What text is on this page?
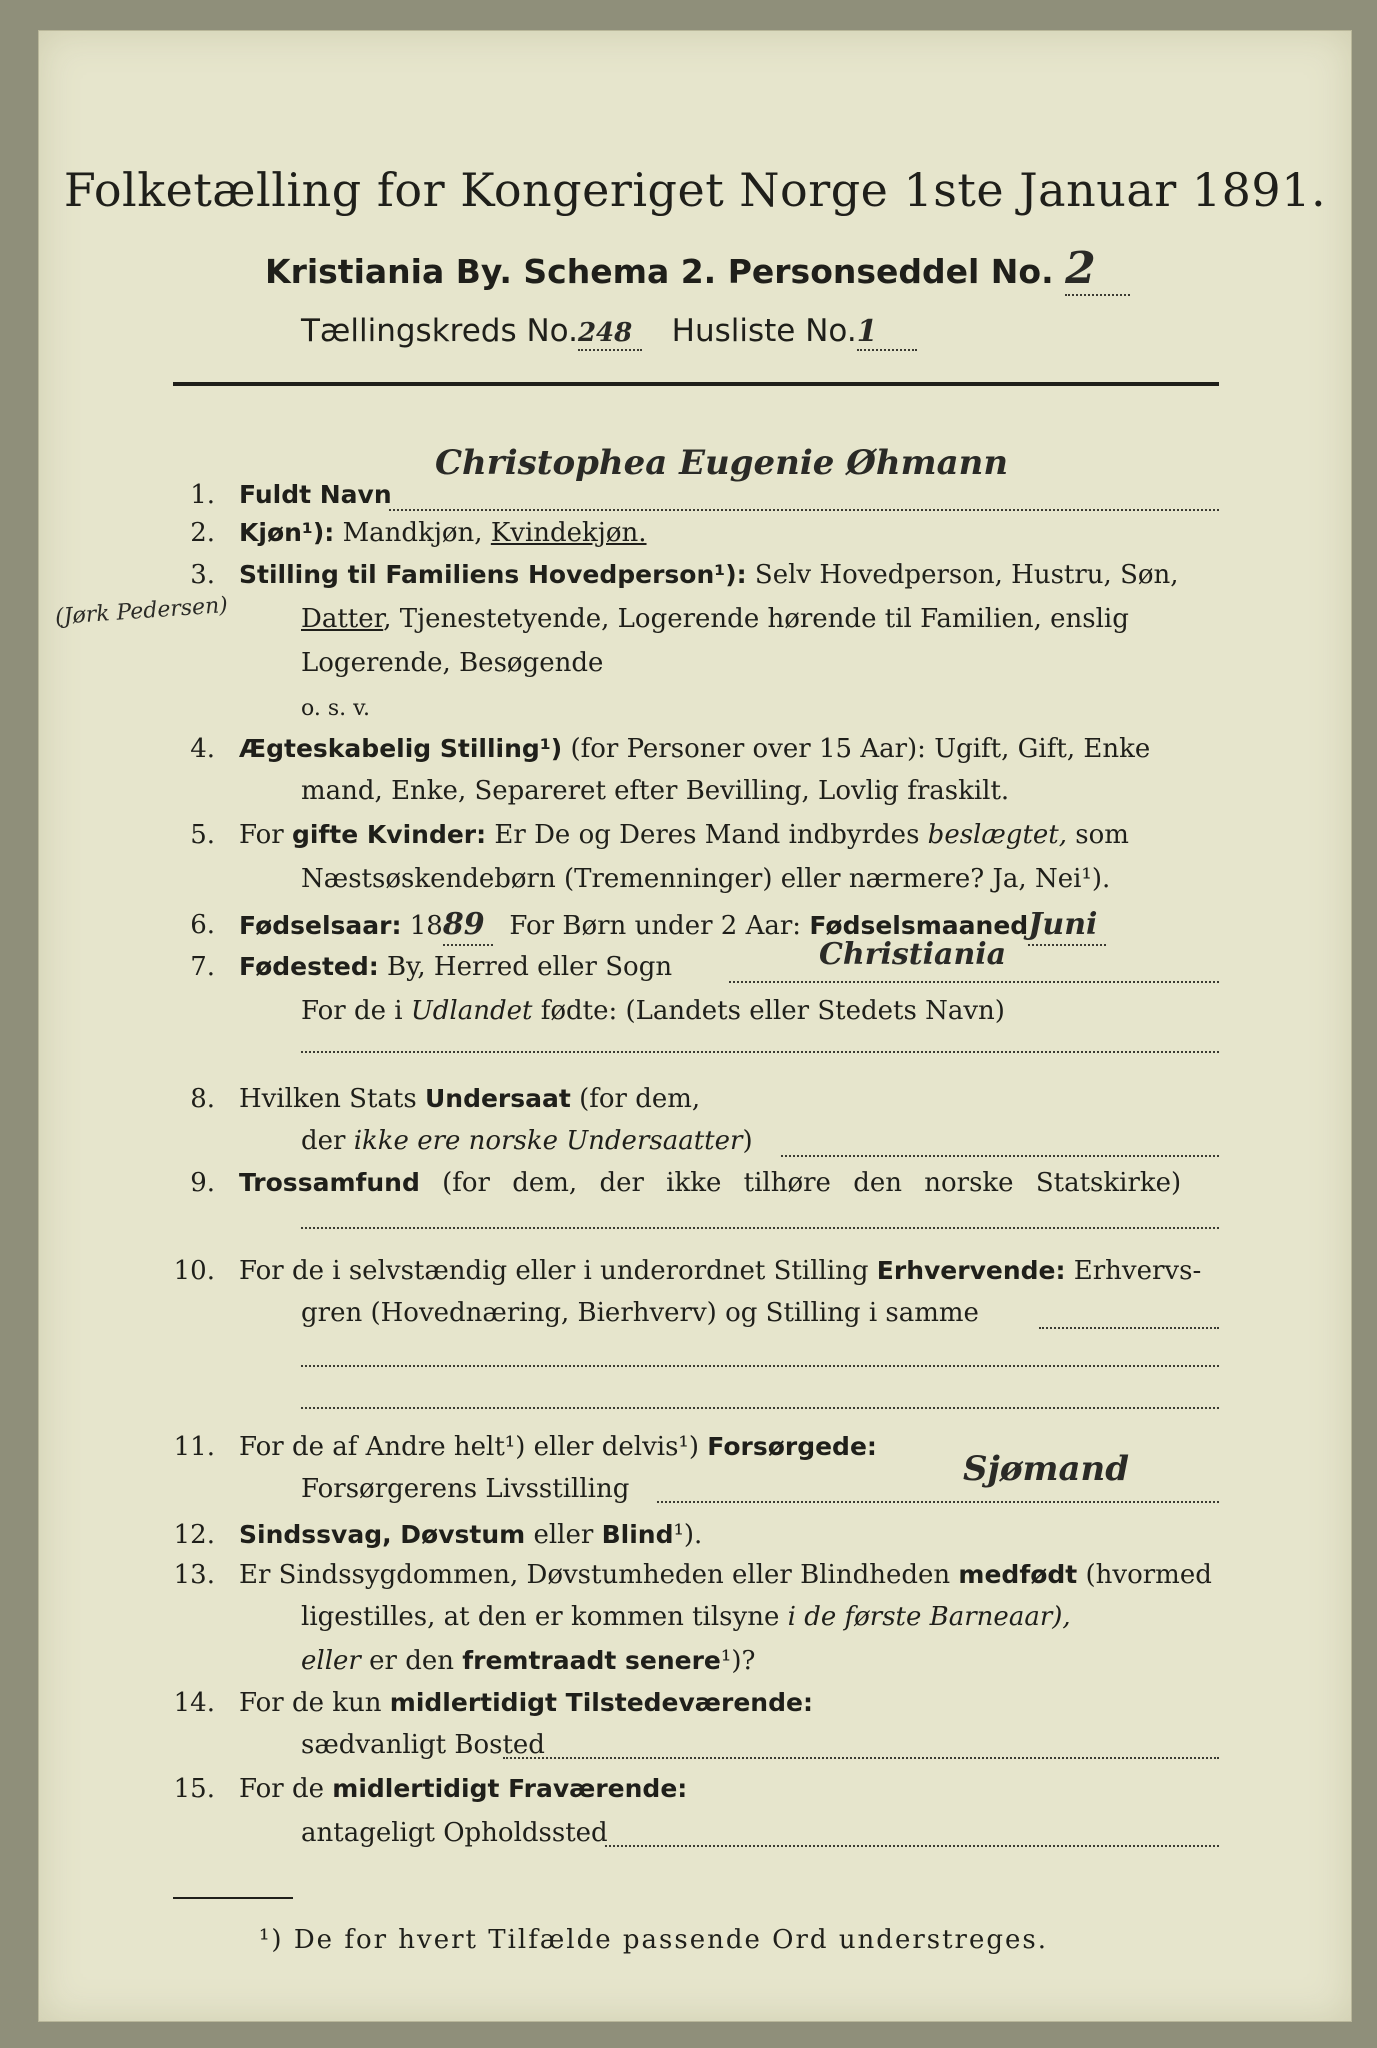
Folketælling for Kongeriget Norge 1ste Januar 1891.
Kristiania By. Schema 2. Personseddel No. 2
Tællingskreds No.248 Husliste No.1
1. Fuldt Navn
Christophea Eugenie Øhmann
2. Kjøn¹): Mandkjøn, Kvindekjøn.
3. Stilling til Familiens Hovedperson¹): Selv Hovedperson, Hustru, Søn,
Datter, Tjenestetyende, Logerende hørende til Familien, enslig
Logerende, Besøgende
o. s. v.
(Jørk Pedersen)
4. Ægteskabelig Stilling¹) (for Personer over 15 Aar): Ugift, Gift, Enke
mand, Enke, Separeret efter Bevilling, Lovlig fraskilt.
5. For gifte Kvinder: Er De og Deres Mand indbyrdes beslægtet, som
Næstsøskendebørn (Tremenninger) eller nærmere? Ja, Nei¹).
6. Fødselsaar: 1889 For Børn under 2 Aar: FødselsmaanedJuni
7. Fødested: By, Herred eller Sogn	Christiania
For de i Udlandet fødte: (Landets eller Stedets Navn)
8. Hvilken Stats Undersaat (for dem,
der ikke ere norske Undersaatter)
9. Trossamfund (for dem, der ikke tilhøre den norske Statskirke)
10. For de i selvstændig eller i underordnet Stilling Erhvervende: Erhvervs-
gren (Hovednæring, Bierhverv) og Stilling i samme
11. For de af Andre helt¹) eller delvis¹) Forsørgede:
Forsørgerens Livsstilling	Sjømand
12. Sindssvag, Døvstum eller Blind¹).
13. Er Sindssygdommen, Døvstumheden eller Blindheden medfødt (hvormed
ligestilles, at den er kommen tilsyne i de første Barneaar),
eller er den fremtraadt senere¹)?
14. For de kun midlertidigt Tilstedeværende:
sædvanligt Bosted
15. For de midlertidigt Fraværende:
antageligt Opholdssted
¹) De for hvert Tilfælde passende Ord understreges.
